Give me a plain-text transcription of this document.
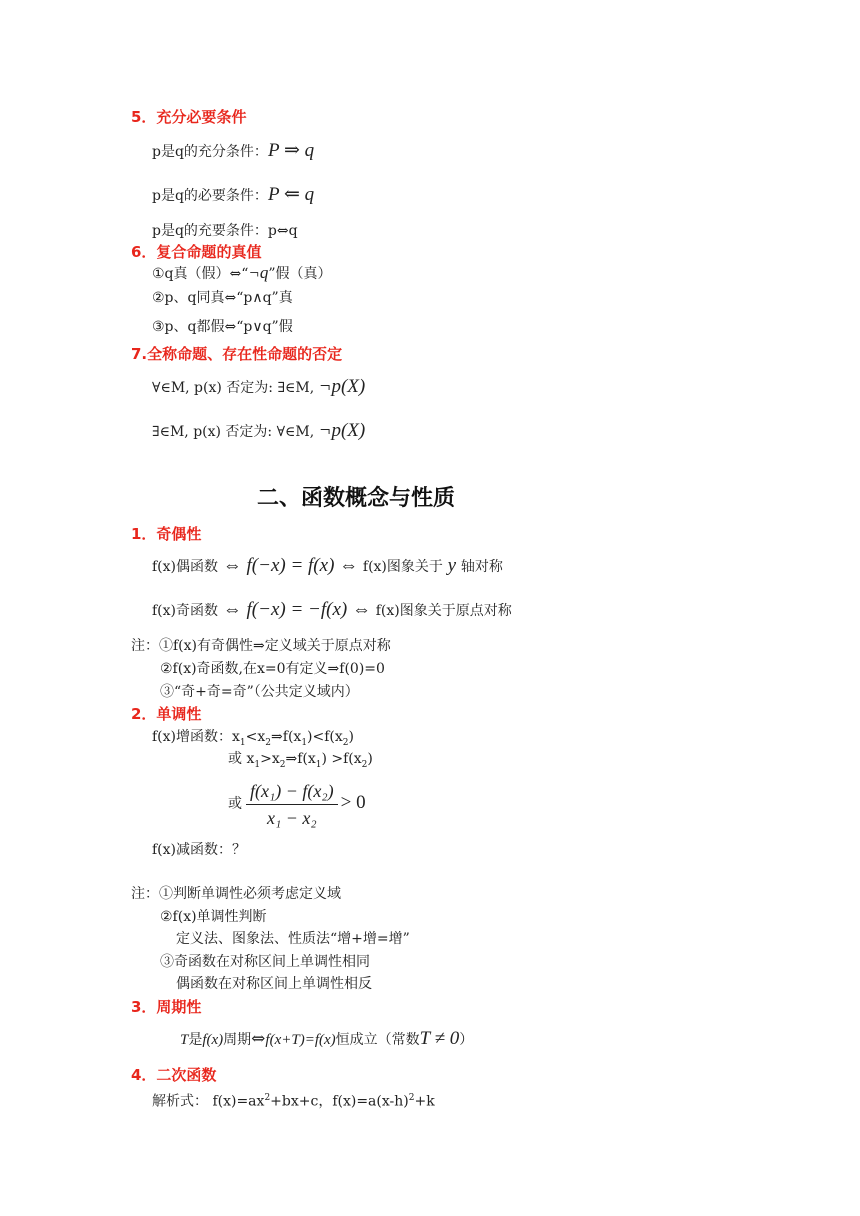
5．充分必要条件
p是q的充分条件：P ⇒ q
p是q的必要条件：P ⇐ q
p是q的充要条件：p⇔q
6．复合命题的真值
①q真（假）⇔“¬q”假（真）
②p、q同真⇔“p∧q”真
③p、q都假⇔“p∨q”假
7.全称命题、存在性命题的否定
∀∈M, p(x) 否定为: ∃∈M, ¬p(X)
∃∈M, p(x) 否定为: ∀∈M, ¬p(X)
二、函数概念与性质
1．奇偶性
f(x)偶函数 ⇔ f(−x) = f(x) ⇔ f(x)图象关于 y 轴对称
f(x)奇函数 ⇔ f(−x) = −f(x) ⇔ f(x)图象关于原点对称
注：①f(x)有奇偶性⇒定义域关于原点对称
②f(x)奇函数,在x=0有定义⇒f(0)=0
③“奇+奇=奇”（公共定义域内）
2．单调性
f(x)增函数：$x_1<x_2\Rightarrow f(x_1)<f(x_2)$
或 $x_1>x_2\Rightarrow f(x_1) >f(x_2)$
或 $\frac{\text{f(x₁) − f(x₂)}}{\text{x₁ − x₂}} > 0$
f(x)减函数：？
注：①判断单调性必须考虑定义域
②f(x)单调性判断
定义法、图象法、性质法“增+增=增”
③奇函数在对称区间上单调性相同
偶函数在对称区间上单调性相反
3．周期性
T是f(x)周期⇔f(x+T)=f(x)恒成立（常数T ≠ 0）
4．二次函数
解析式： $f(x)=ax^2+bx+c$，$f(x)=a(x-h)^2+k$
